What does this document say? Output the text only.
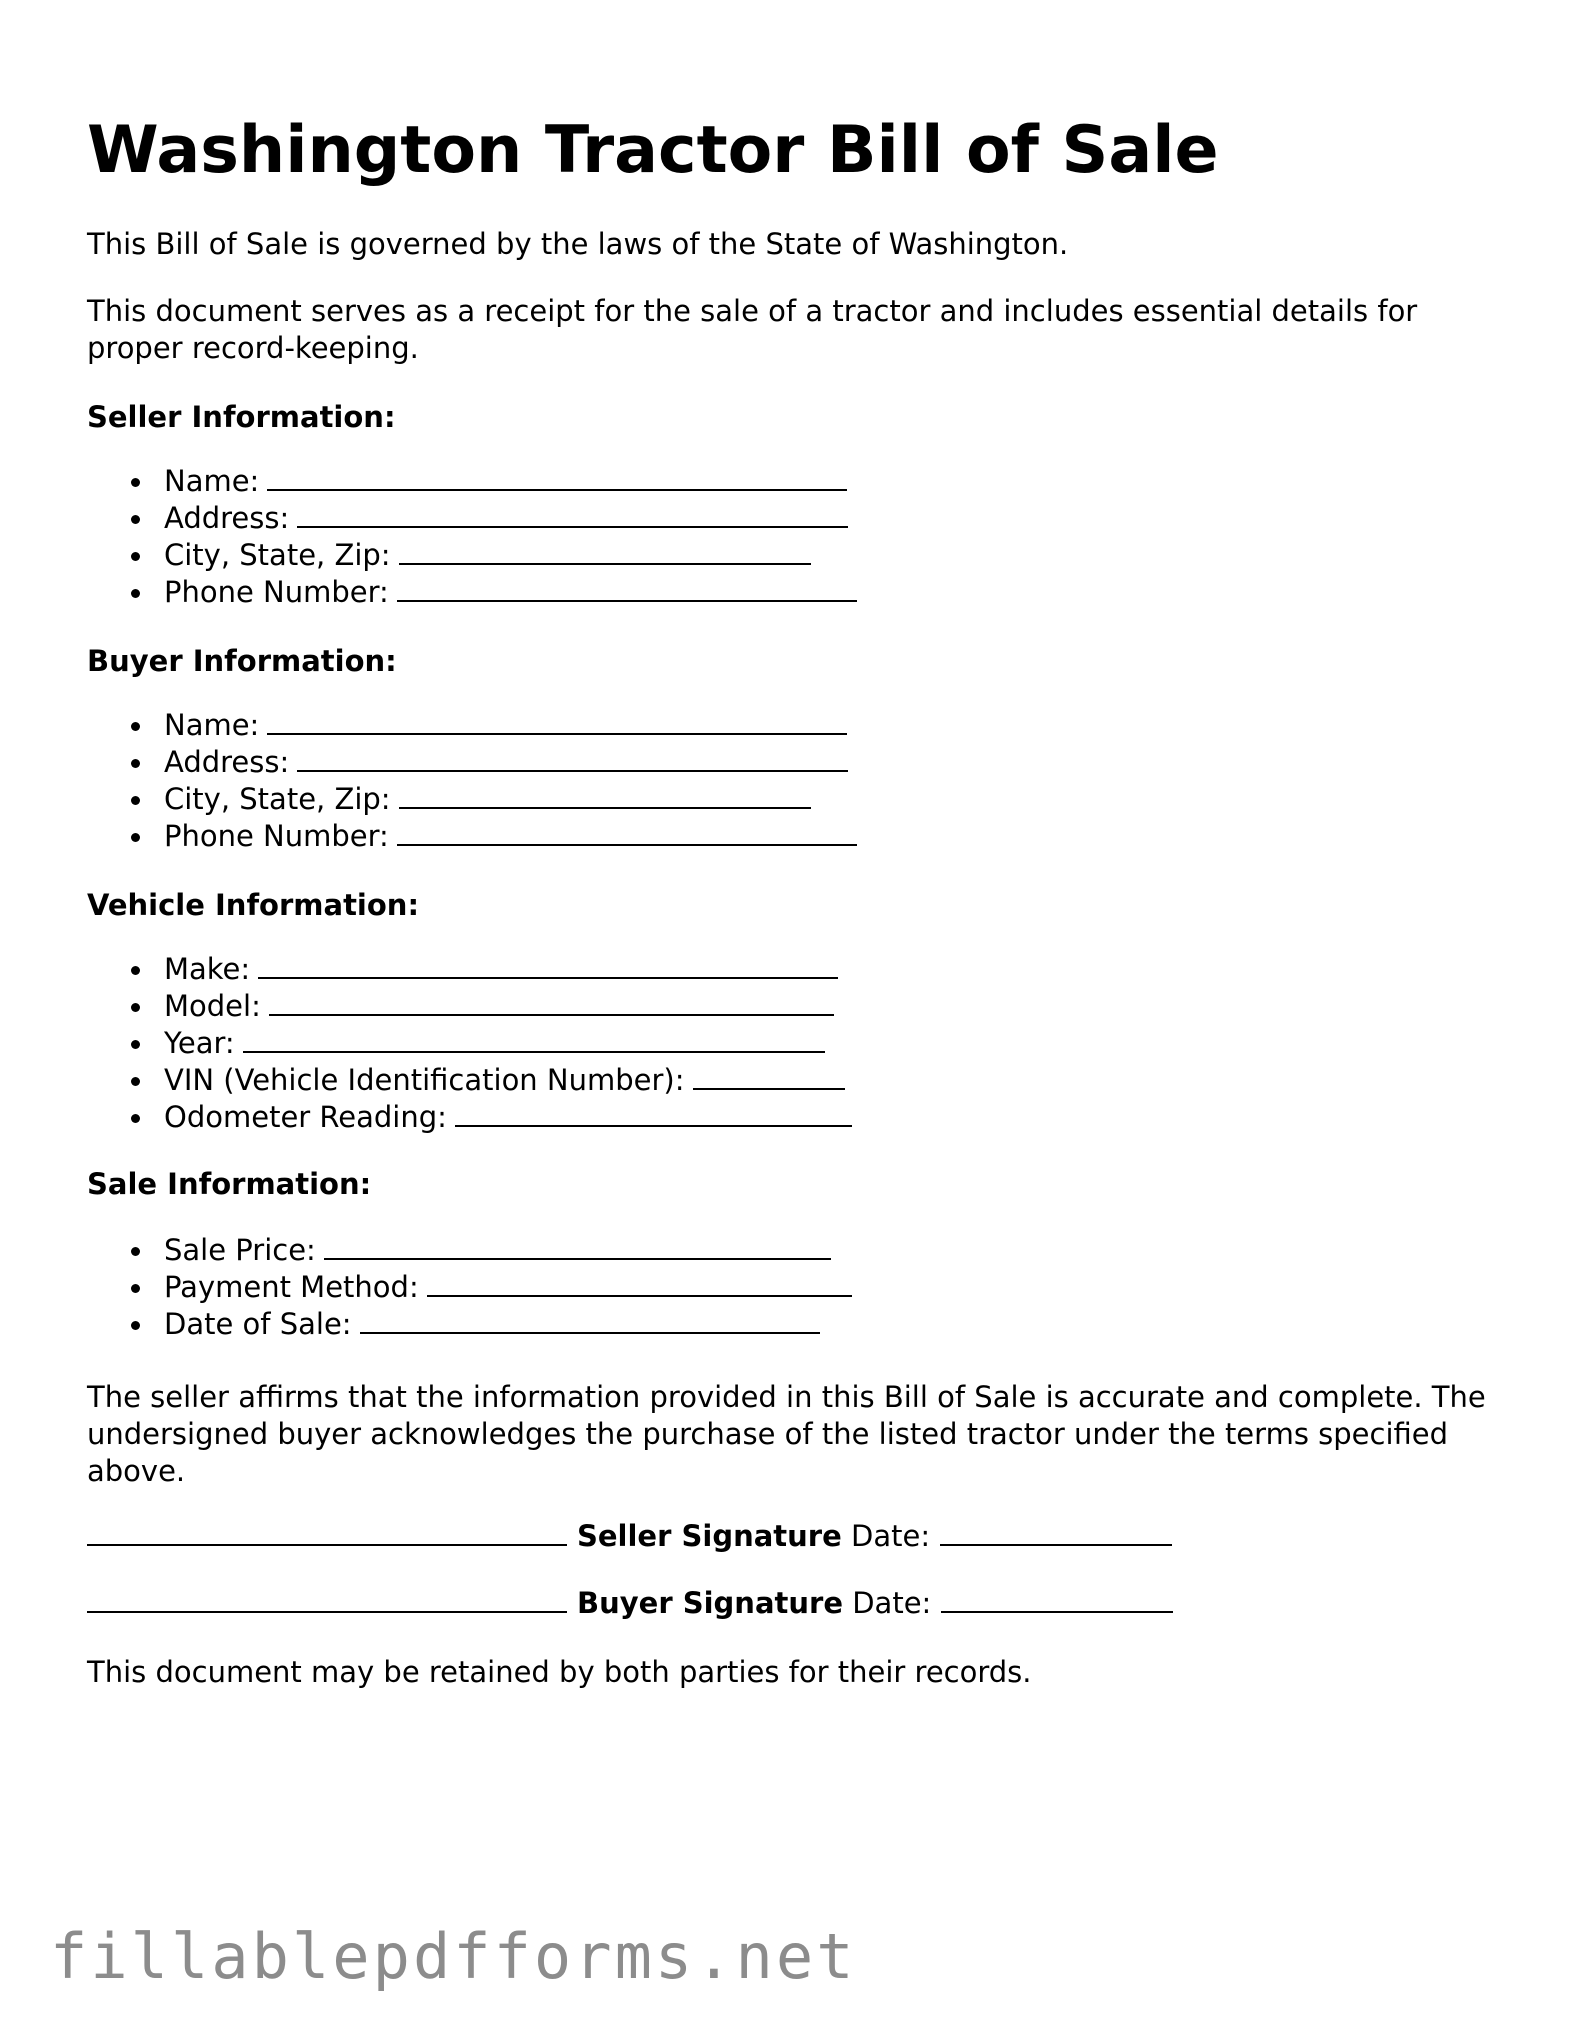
Washington Tractor Bill of Sale

This Bill of Sale is governed by the laws of the State of Washington.

This document serves as a receipt for the sale of a tractor and includes essential details for proper record-keeping.

Seller Information:

Name:
Address:
City, State, Zip:
Phone Number:

Buyer Information:

Name:
Address:
City, State, Zip:
Phone Number:

Vehicle Information:

Make:
Model:
Year:
VIN (Vehicle Identification Number):
Odometer Reading:

Sale Information:

Sale Price:
Payment Method:
Date of Sale:

The seller affirms that the information provided in this Bill of Sale is accurate and complete. The undersigned buyer acknowledges the purchase of the listed tractor under the terms specified above.

Seller Signature Date:
Buyer Signature Date:

This document may be retained by both parties for their records.

fillablepdfforms.net
